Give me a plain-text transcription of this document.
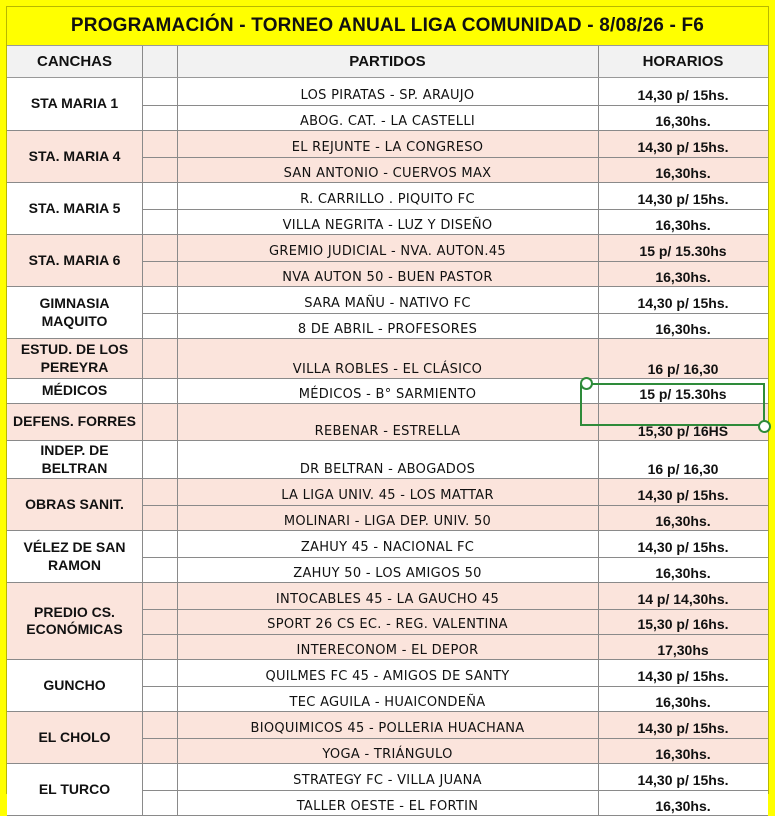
PROGRAMACIÓN - TORNEO ANUAL LIGA COMUNIDAD - 8/08/26 - F6
CANCHAS	PARTIDOS	HORARIOS
STA MARIA 1
LOS PIRATAS - SP. ARAUJO	14,30 p/ 15hs.
ABOG. CAT. - LA CASTELLI	16,30hs.
STA. MARIA 4
EL REJUNTE - LA CONGRESO	14,30 p/ 15hs.
SAN ANTONIO - CUERVOS MAX	16,30hs.
STA. MARIA 5
R. CARRILLO . PIQUITO FC	14,30 p/ 15hs.
VILLA NEGRITA - LUZ Y DISEÑO	16,30hs.
STA. MARIA 6
GREMIO JUDICIAL - NVA. AUTON.45	15 p/ 15.30hs
NVA AUTON 50 - BUEN PASTOR	16,30hs.
GIMNASIA MAQUITO
SARA MAÑU - NATIVO FC	14,30 p/ 15hs.
8 DE ABRIL - PROFESORES	16,30hs.
ESTUD. DE LOS PEREYRA	VILLA ROBLES - EL CLÁSICO	16 p/ 16,30
MÉDICOS	MÉDICOS - B° SARMIENTO	15 p/ 15.30hs
DEFENS. FORRES
REBENAR - ESTRELLA	15,30 p/ 16HS
INDEP. DE BELTRAN	DR BELTRAN - ABOGADOS	16 p/ 16,30
OBRAS SANIT.
LA LIGA UNIV. 45 - LOS MATTAR	14,30 p/ 15hs.
MOLINARI - LIGA DEP. UNIV. 50	16,30hs.
VÉLEZ DE SAN RAMON
ZAHUY 45 - NACIONAL FC	14,30 p/ 15hs.
ZAHUY 50 - LOS AMIGOS 50	16,30hs.
PREDIO CS. ECONÓMICAS
INTOCABLES 45 - LA GAUCHO 45	14 p/ 14,30hs.
SPORT 26 CS EC. - REG. VALENTINA	15,30 p/ 16hs.
INTERECONOM - EL DEPOR	17,30hs
GUNCHO
QUILMES FC 45 - AMIGOS DE SANTY	14,30 p/ 15hs.
TEC AGUILA - HUAICONDEÑA	16,30hs.
EL CHOLO
BIOQUIMICOS 45 - POLLERIA HUACHANA	14,30 p/ 15hs.
YOGA - TRIÁNGULO	16,30hs.
EL TURCO
STRATEGY FC - VILLA JUANA	14,30 p/ 15hs.
TALLER OESTE - EL FORTIN	16,30hs.
